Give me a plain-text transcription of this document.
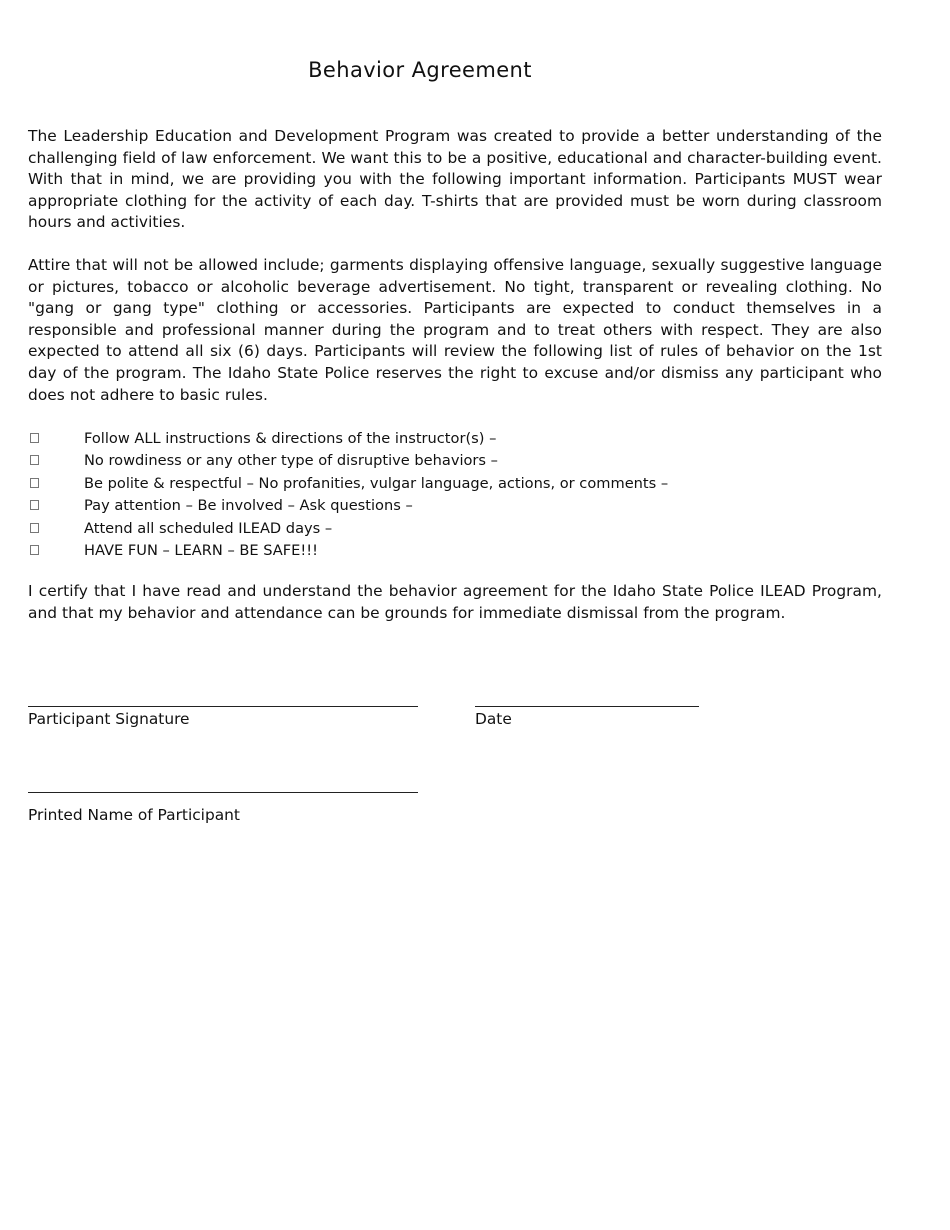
Behavior Agreement

The Leadership Education and Development Program was created to provide a better understanding of the challenging field of law enforcement. We want this to be a positive, educational and character-building event. With that in mind, we are providing you with the following important information. Participants MUST wear appropriate clothing for the activity of each day. T-shirts that are provided must be worn during classroom hours and activities.

Attire that will not be allowed include; garments displaying offensive language, sexually suggestive language or pictures, tobacco or alcoholic beverage advertisement. No tight, transparent or revealing clothing. No "gang or gang type" clothing or accessories. Participants are expected to conduct themselves in a responsible and professional manner during the program and to treat others with respect. They are also expected to attend all six (6) days. Participants will review the following list of rules of behavior on the 1st day of the program. The Idaho State Police reserves the right to excuse and/or dismiss any participant who does not adhere to basic rules.

Follow ALL instructions & directions of the instructor(s) –
No rowdiness or any other type of disruptive behaviors –
Be polite & respectful – No profanities, vulgar language, actions, or comments –
Pay attention – Be involved – Ask questions –
Attend all scheduled ILEAD days –
HAVE FUN – LEARN – BE SAFE!!!

I certify that I have read and understand the behavior agreement for the Idaho State Police ILEAD Program, and that my behavior and attendance can be grounds for immediate dismissal from the program.

Participant Signature	Date
Printed Name of Participant
